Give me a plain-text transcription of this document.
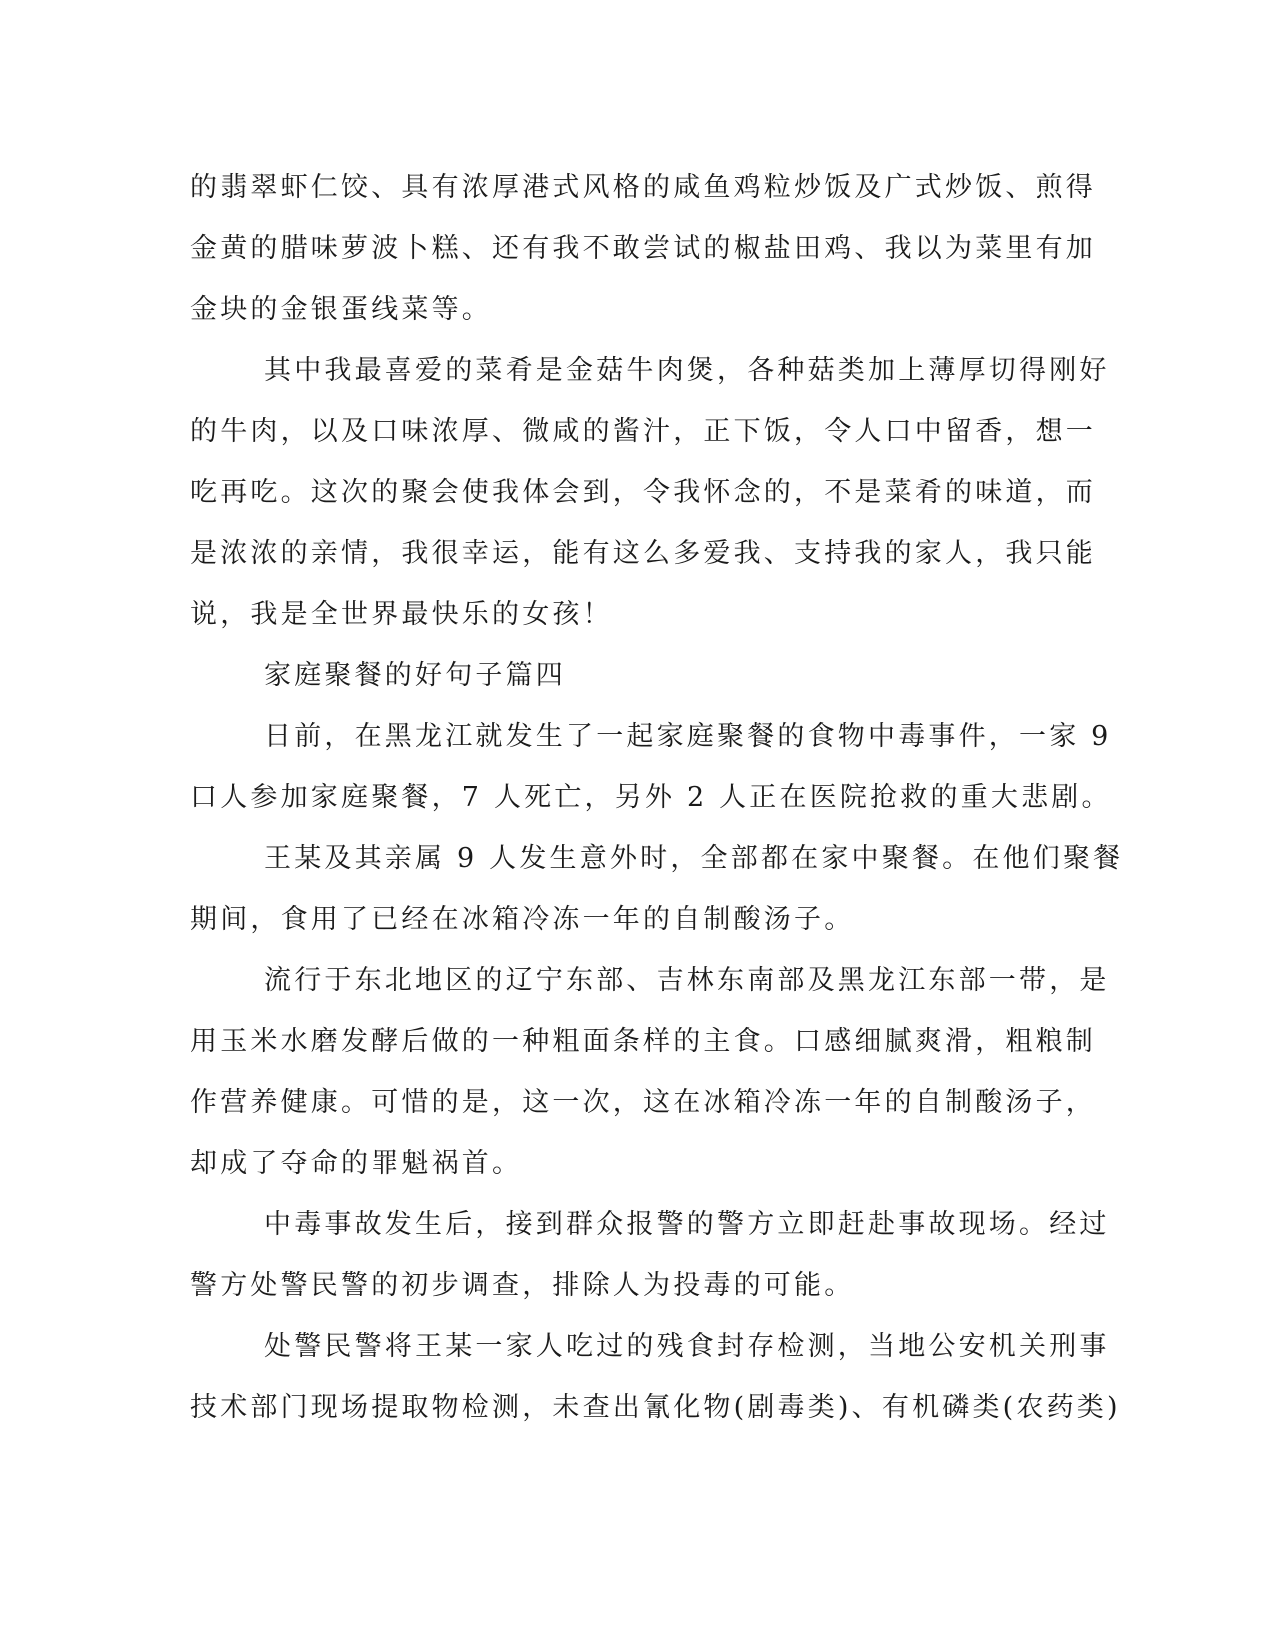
的翡翠虾仁饺、具有浓厚港式风格的咸鱼鸡粒炒饭及广式炒饭、煎得
金黄的腊味萝波卜糕、还有我不敢尝试的椒盐田鸡、我以为菜里有加
金块的金银蛋线菜等。
其中我最喜爱的菜肴是金菇牛肉煲，各种菇类加上薄厚切得刚好
的牛肉，以及口味浓厚、微咸的酱汁，正下饭，令人口中留香，想一
吃再吃。这次的聚会使我体会到，令我怀念的，不是菜肴的味道，而
是浓浓的亲情，我很幸运，能有这么多爱我、支持我的家人，我只能
说，我是全世界最快乐的女孩！
家庭聚餐的好句子篇四
日前，在黑龙江就发生了一起家庭聚餐的食物中毒事件，一家 9
口人参加家庭聚餐，7 人死亡，另外 2 人正在医院抢救的重大悲剧。
王某及其亲属 9 人发生意外时，全部都在家中聚餐。在他们聚餐
期间，食用了已经在冰箱冷冻一年的自制酸汤子。
流行于东北地区的辽宁东部、吉林东南部及黑龙江东部一带，是
用玉米水磨发酵后做的一种粗面条样的主食。口感细腻爽滑，粗粮制
作营养健康。可惜的是，这一次，这在冰箱冷冻一年的自制酸汤子，
却成了夺命的罪魁祸首。
中毒事故发生后，接到群众报警的警方立即赶赴事故现场。经过
警方处警民警的初步调查，排除人为投毒的可能。
处警民警将王某一家人吃过的残食封存检测，当地公安机关刑事
技术部门现场提取物检测，未查出氰化物(剧毒类)、有机磷类(农药类)
